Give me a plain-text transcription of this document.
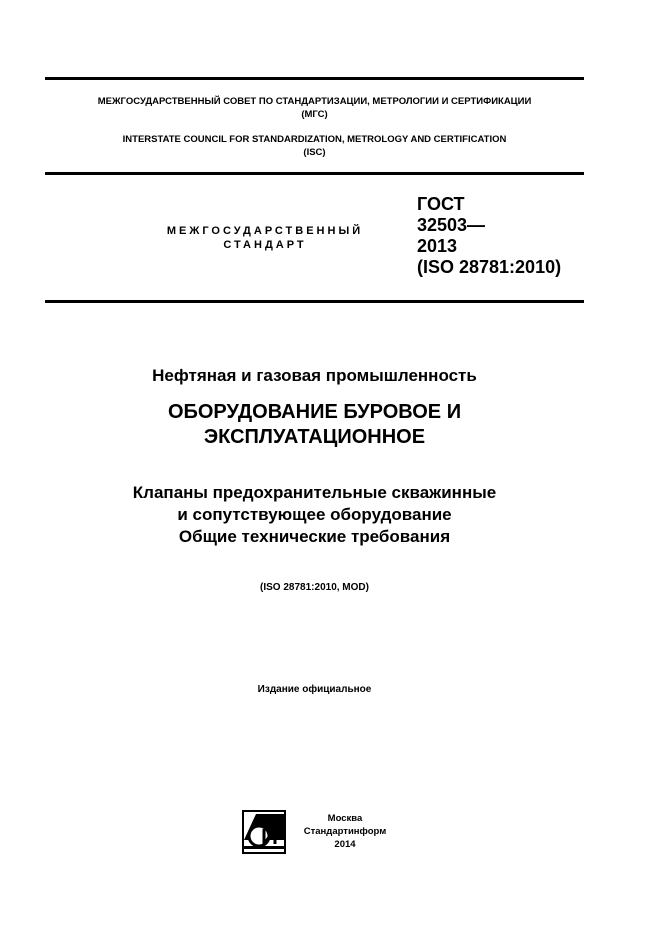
МЕЖГОСУДАРСТВЕННЫЙ СОВЕТ ПО СТАНДАРТИЗАЦИИ, МЕТРОЛОГИИ И СЕРТИФИКАЦИИ
(МГС)
INTERSTATE COUNCIL FOR STANDARDIZATION, METROLOGY AND CERTIFICATION
(ISC)
МЕЖГОСУДАРСТВЕННЫЙ
СТАНДАРТ
ГОСТ
32503—
2013
(ISO 28781:2010)
Нефтяная и газовая промышленность
ОБОРУДОВАНИЕ БУРОВОЕ И
ЭКСПЛУАТАЦИОННОЕ
Клапаны предохранительные скважинные
и сопутствующее оборудование
Общие технические требования
(ISO 28781:2010, MOD)
Издание официальное
Москва
Стандартинформ
2014
